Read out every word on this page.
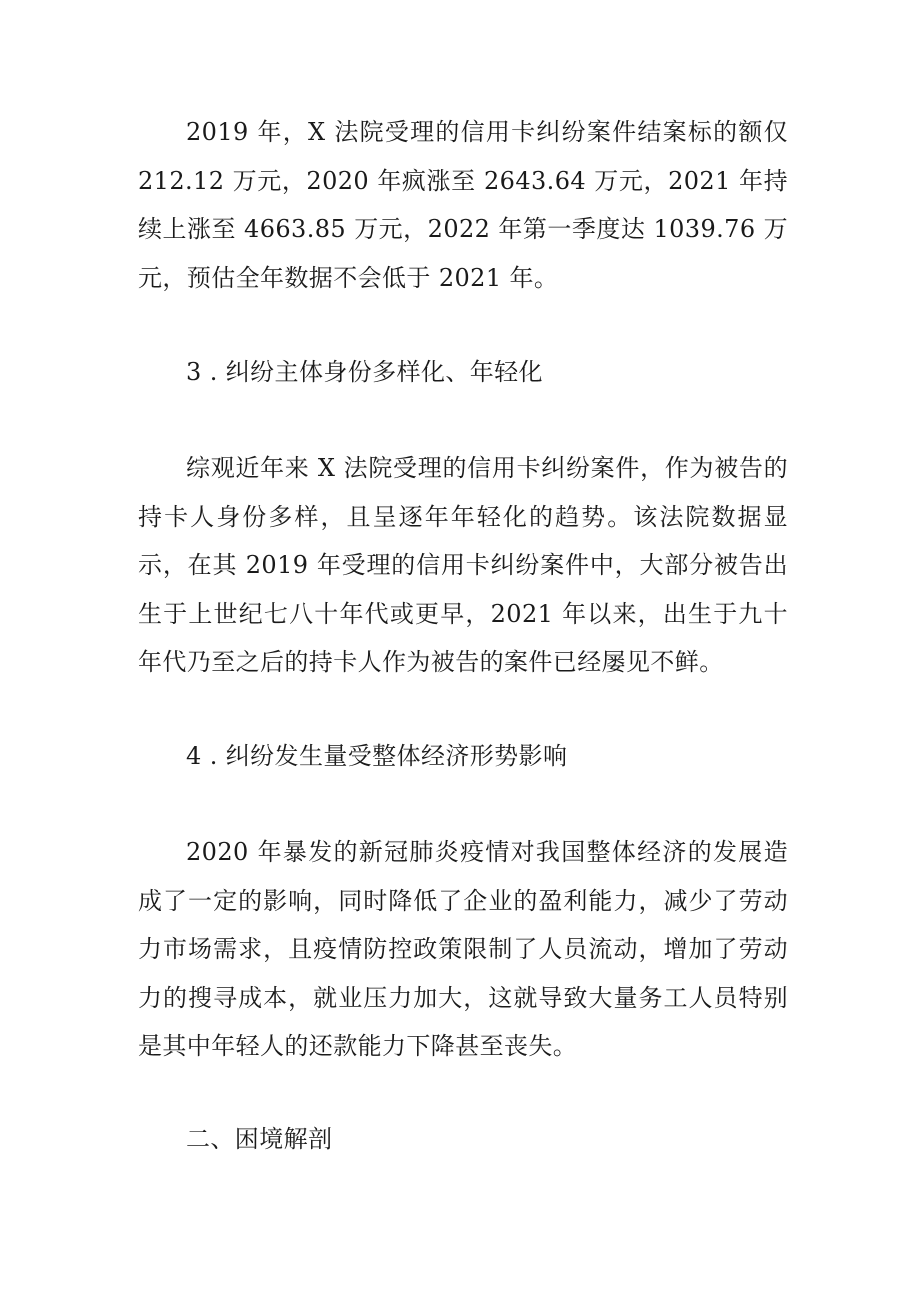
2019 年，X 法院受理的信用卡纠纷案件结案标的额仅 212.12 万元，2020 年疯涨至 2643.64 万元，2021 年持续上涨至 4663.85 万元，2022 年第一季度达 1039.76 万元，预估全年数据不会低于 2021 年。

3 . 纠纷主体身份多样化、年轻化

综观近年来 X 法院受理的信用卡纠纷案件，作为被告的持卡人身份多样，且呈逐年年轻化的趋势。该法院数据显示，在其 2019 年受理的信用卡纠纷案件中，大部分被告出生于上世纪七八十年代或更早，2021 年以来，出生于九十年代乃至之后的持卡人作为被告的案件已经屡见不鲜。

4 . 纠纷发生量受整体经济形势影响

2020 年暴发的新冠肺炎疫情对我国整体经济的发展造成了一定的影响，同时降低了企业的盈利能力，减少了劳动力市场需求，且疫情防控政策限制了人员流动，增加了劳动力的搜寻成本，就业压力加大，这就导致大量务工人员特别是其中年轻人的还款能力下降甚至丧失。

二、困境解剖
